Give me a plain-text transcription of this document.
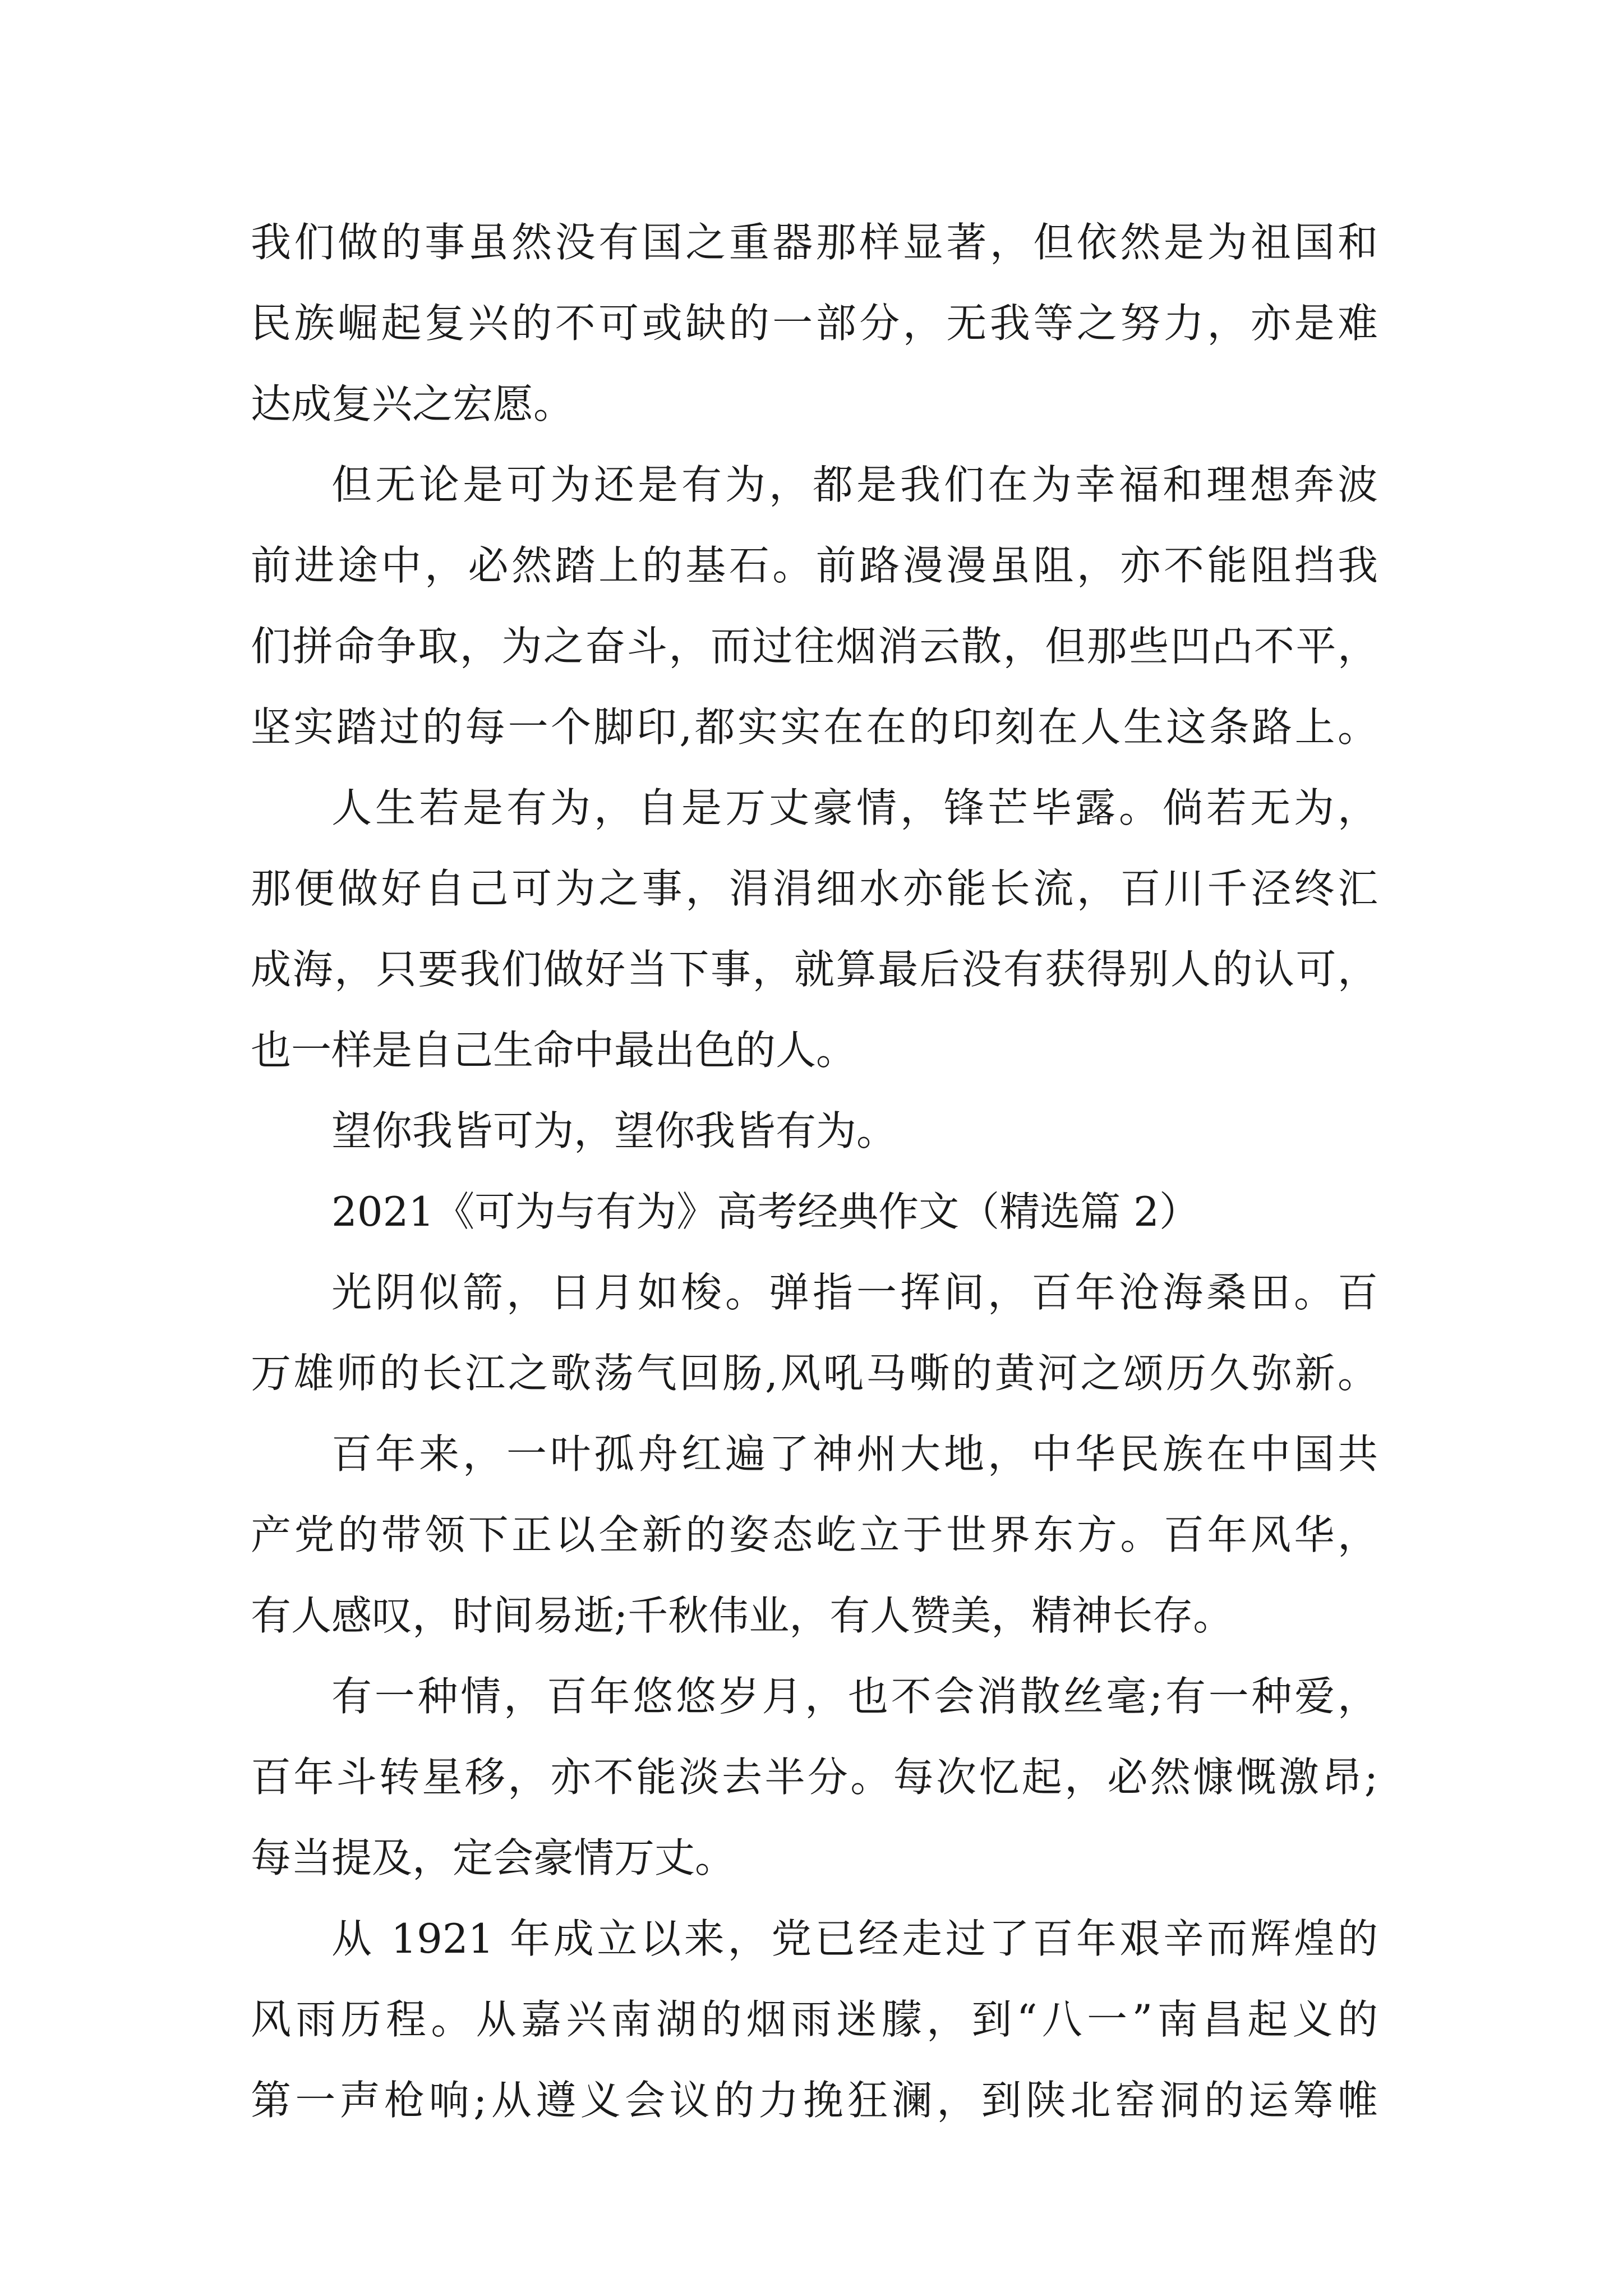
我们做的事虽然没有国之重器那样显著，但依然是为祖国和
民族崛起复兴的不可或缺的一部分，无我等之努力，亦是难
达成复兴之宏愿。
但无论是可为还是有为，都是我们在为幸福和理想奔波
前进途中，必然踏上的基石。前路漫漫虽阻，亦不能阻挡我
们拼命争取，为之奋斗，而过往烟消云散，但那些凹凸不平，
坚实踏过的每一个脚印,都实实在在的印刻在人生这条路上。
人生若是有为，自是万丈豪情，锋芒毕露。倘若无为，
那便做好自己可为之事，涓涓细水亦能长流，百川千泾终汇
成海，只要我们做好当下事，就算最后没有获得别人的认可，
也一样是自己生命中最出色的人。
望你我皆可为，望你我皆有为。
2021《可为与有为》高考经典作文（精选篇 2）
光阴似箭，日月如梭。弹指一挥间，百年沧海桑田。百
万雄师的长江之歌荡气回肠,风吼马嘶的黄河之颂历久弥新。
百年来，一叶孤舟红遍了神州大地，中华民族在中国共
产党的带领下正以全新的姿态屹立于世界东方。百年风华，
有人感叹，时间易逝;千秋伟业，有人赞美，精神长存。
有一种情，百年悠悠岁月，也不会消散丝毫;有一种爱，
百年斗转星移，亦不能淡去半分。每次忆起，必然慷慨激昂;
每当提及，定会豪情万丈。
从 1921 年成立以来，党已经走过了百年艰辛而辉煌的
风雨历程。从嘉兴南湖的烟雨迷朦，到“八一”南昌起义的
第一声枪响;从遵义会议的力挽狂澜，到陕北窑洞的运筹帷
